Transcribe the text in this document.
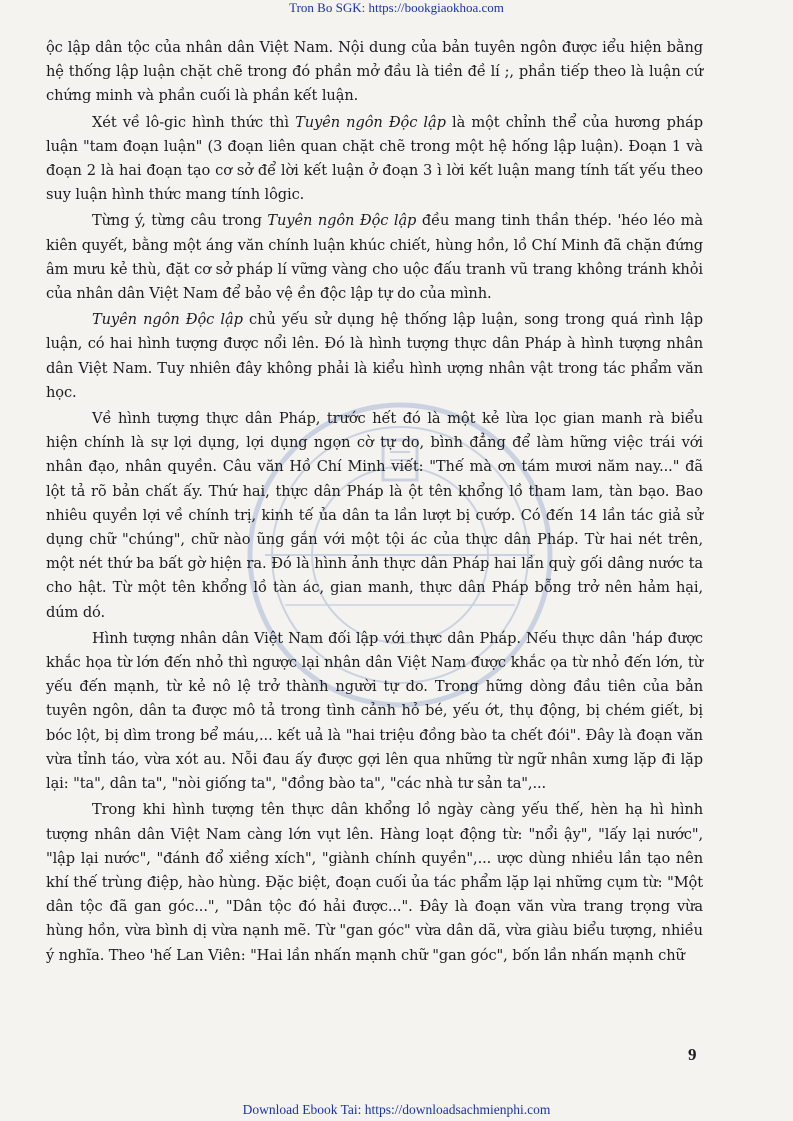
Tron Bo SGK: https://bookgiaokhoa.com

ộc lập dân tộc của nhân dân Việt Nam. Nội dung của bản tuyên ngôn được iểu hiện bằng hệ thống lập luận chặt chẽ trong đó phần mở đầu là tiền đề lí ;, phần tiếp theo là luận cứ chứng minh và phần cuối là phần kết luận.

Xét về lô-gic hình thức thì Tuyên ngôn Độc lập là một chỉnh thể của hương pháp luận "tam đoạn luận" (3 đoạn liên quan chặt chẽ trong một hệ hống lập luận). Đoạn 1 và đoạn 2 là hai đoạn tạo cơ sở để lời kết luận ở đoạn 3 ì lời kết luận mang tính tất yếu theo suy luận hình thức mang tính lôgic.

Từng ý, từng câu trong Tuyên ngôn Độc lập đều mang tinh thần thép. 'héo léo mà kiên quyết, bằng một áng văn chính luận khúc chiết, hùng hồn, lồ Chí Minh đã chặn đứng âm mưu kẻ thù, đặt cơ sở pháp lí vững vàng cho uộc đấu tranh vũ trang không tránh khỏi của nhân dân Việt Nam để bảo vệ ền độc lập tự do của mình.

Tuyên ngôn Độc lập chủ yếu sử dụng hệ thống lập luận, song trong quá rình lập luận, có hai hình tượng được nổi lên. Đó là hình tượng thực dân Pháp à hình tượng nhân dân Việt Nam. Tuy nhiên đây không phải là kiểu hình ượng nhân vật trong tác phẩm văn học.

Về hình tượng thực dân Pháp, trước hết đó là một kẻ lừa lọc gian manh rà biểu hiện chính là sự lợi dụng, lợi dụng ngọn cờ tự do, bình đẳng để làm hững việc trái với nhân đạo, nhân quyền. Câu văn Hồ Chí Minh viết: "Thế mà ơn tám mươi năm nay..." đã lột tả rõ bản chất ấy. Thứ hai, thực dân Pháp là ột tên khổng lồ tham lam, tàn bạo. Bao nhiêu quyền lợi về chính trị, kinh tế ủa dân ta lần lượt bị cướp. Có đến 14 lần tác giả sử dụng chữ "chúng", chữ nào ũng gắn với một tội ác của thực dân Pháp. Từ hai nét trên, một nét thứ ba bất gờ hiện ra. Đó là hình ảnh thực dân Pháp hai lần quỳ gối dâng nước ta cho hật. Từ một tên khổng lồ tàn ác, gian manh, thực dân Pháp bỗng trở nên hảm hại, dúm dó.

Hình tượng nhân dân Việt Nam đối lập với thực dân Pháp. Nếu thực dân 'háp được khắc họa từ lớn đến nhỏ thì ngược lại nhân dân Việt Nam được khắc ọa từ nhỏ đến lớn, từ yếu đến mạnh, từ kẻ nô lệ trở thành người tự do. Trong hững dòng đầu tiên của bản tuyên ngôn, dân ta được mô tả trong tình cảnh hỏ bé, yếu ớt, thụ động, bị chém giết, bị bóc lột, bị dìm trong bể máu,... kết uả là "hai triệu đồng bào ta chết đói". Đây là đoạn văn vừa tỉnh táo, vừa xót au. Nỗi đau ấy được gợi lên qua những từ ngữ nhân xưng lặp đi lặp lại: "ta", dân ta", "nòi giống ta", "đồng bào ta", "các nhà tư sản ta",...

Trong khi hình tượng tên thực dân khổng lồ ngày càng yếu thế, hèn hạ hì hình tượng nhân dân Việt Nam càng lớn vụt lên. Hàng loạt động từ: "nổi ậy", "lấy lại nước", "lập lại nước", "đánh đổ xiềng xích", "giành chính quyền",... ược dùng nhiều lần tạo nên khí thế trùng điệp, hào hùng. Đặc biệt, đoạn cuối ủa tác phẩm lặp lại những cụm từ: "Một dân tộc đã gan góc...", "Dân tộc đó hải được...". Đây là đoạn văn vừa trang trọng vừa hùng hồn, vừa bình dị vừa nạnh mẽ. Từ "gan góc" vừa dân dã, vừa giàu biểu tượng, nhiều ý nghĩa. Theo 'hế Lan Viên: "Hai lần nhấn mạnh chữ "gan góc", bốn lần nhấn mạnh chữ

9
Download Ebook Tai: https://downloadsachmienphi.com
